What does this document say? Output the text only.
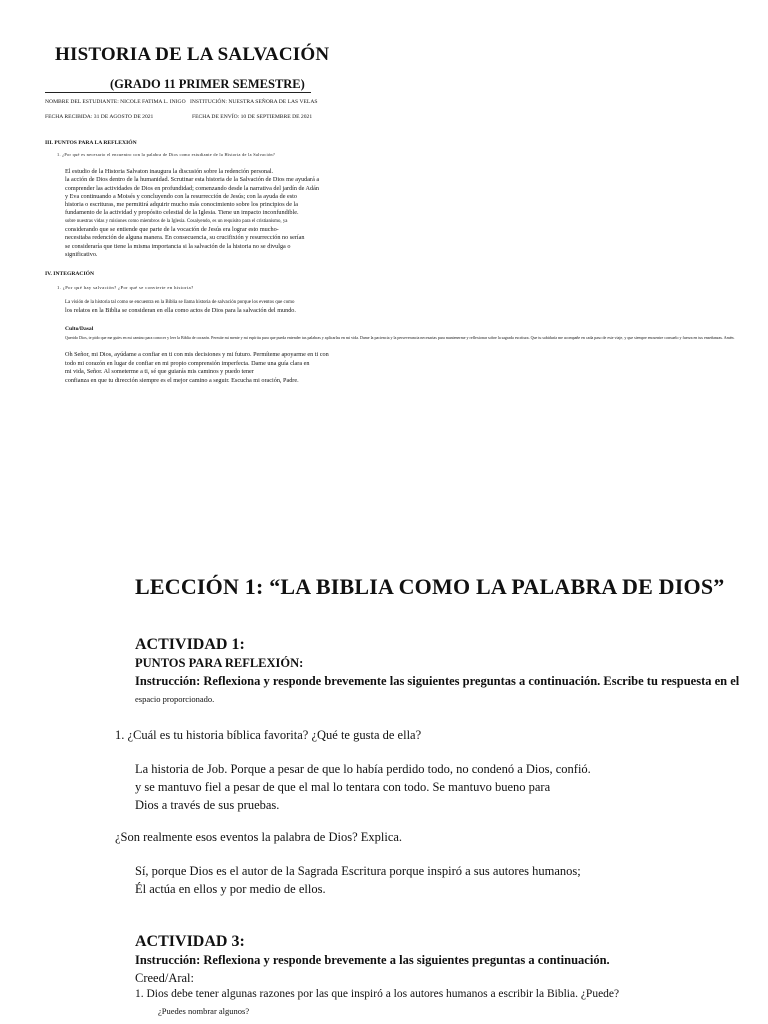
HISTORIA DE LA SALVACIÓN
(GRADO 11 PRIMER SEMESTRE)
NOMBRE DEL ESTUDIANTE: NICOLE FATIMA L. INIGO INSTITUCIÓN: NUESTRA SEÑORA DE LAS VELAS
FECHA RECIBIDA: 31 DE AGOSTO DE 2021	FECHA DE ENVÍO: 10 DE SEPTIEMBRE DE 2021
III. PUNTOS PARA LA REFLEXIÓN
1. ¿Por qué es necesario el encuentro con la palabra de Dios como estudiante de la Historia de la Salvación?
El estudio de la Historia Salvaton inaugura la discusión sobre la redención personal.
la acción de Dios dentro de la humanidad. Scrutinar esta historia de la Salvación de Dios me ayudará a
comprender las actividades de Dios en profundidad; comenzando desde la narrativa del jardín de Adán
y Eva continuando a Moisés y concluyendo con la resurrección de Jesús; con la ayuda de esto
historia o escrituras, me permitirá adquirir mucho más conocimiento sobre los principios de la
fundamento de la actividad y propósito celestial de la Iglesia. Tiene un impacto inconfundible.
sobre nuestras vidas y misiones como miembros de la Iglesia. Cosalyendo, es un requisito para el cristianismo, ya
considerando que se entiende que parte de la vocación de Jesús era lograr esto mucho-
necesitaba redención de alguna manera. En consecuencia, su crucifixión y resurrección no serían
se consideraría que tiene la misma importancia si la salvación de la historia no se divulga o
significativo.
IV. INTEGRACIÓN
1. ¿Por qué hay salvación? ¿Por qué se convierte en historia?
La visión de la historia tal como se encuentra en la Biblia se llama historia de salvación porque los eventos que como
los relatos en la Biblia se consideran en ella como actos de Dios para la salvación del mundo.
Culto/Dasal
Querido Dios, te pido que me guíes en mi camino para conocer y leer la Biblia de corazón. Permite mi mente y mi espíritu para que pueda entender tus palabras y aplicarlas en mi vida. Dame la paciencia y la perseverancia necesarias para mantenerme y reflexionar sobre la sagrada escritura. Que tu sabiduría me acompañe en cada paso de este viaje, y que siempre encuentre consuelo y fuerza en tus enseñanzas. Amén.
Oh Señor, mi Dios, ayúdame a confiar en ti con mis decisiones y mi futuro. Permíteme apoyarme en ti con
todo mi corazón en lugar de confiar en mi propio comprensión imperfecta. Dame una guía clara en
mi vida, Señor. Al someterme a ti, sé que guiarás mis caminos y puedo tener
confianza en que tu dirección siempre es el mejor camino a seguir. Escucha mi oración, Padre.
LECCIÓN 1: “LA BIBLIA COMO LA PALABRA DE DIOS”
ACTIVIDAD 1:
PUNTOS PARA REFLEXIÓN:
Instrucción: Reflexiona y responde brevemente las siguientes preguntas a continuación. Escribe tu respuesta en el
espacio proporcionado.
1. ¿Cuál es tu historia bíblica favorita? ¿Qué te gusta de ella?
La historia de Job. Porque a pesar de que lo había perdido todo, no condenó a Dios, confió.
y se mantuvo fiel a pesar de que el mal lo tentara con todo. Se mantuvo bueno para
Dios a través de sus pruebas.
¿Son realmente esos eventos la palabra de Dios? Explica.
Sí, porque Dios es el autor de la Sagrada Escritura porque inspiró a sus autores humanos;
Él actúa en ellos y por medio de ellos.
ACTIVIDAD 3:
Instrucción: Reflexiona y responde brevemente a las siguientes preguntas a continuación.
Creed/Aral:
1. Dios debe tener algunas razones por las que inspiró a los autores humanos a escribir la Biblia. ¿Puede?
¿Puedes nombrar algunos?
